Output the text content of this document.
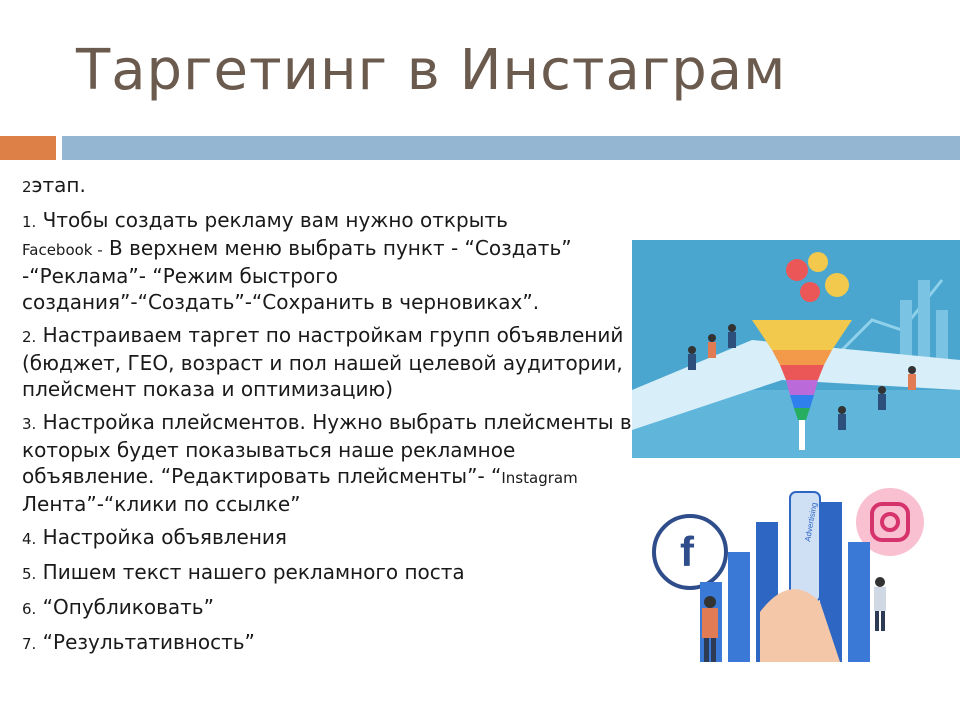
Таргетинг в Инстаграм

2этап.

1. Чтобы создать рекламу вам нужно открыть
Facebook - В верхнем меню выбрать пункт - “Создать” -“Реклама”- “Режим быстрого создания”-“Создать”-“Сохранить в черновиках”.

2. Настраиваем таргет по настройкам групп объявлений (бюджет, ГЕО, возраст и пол нашей целевой аудитории, плейсмент показа и оптимизацию)

3. Настройка плейсментов. Нужно выбрать плейсменты в которых будет показываться наше рекламное объявление. “Редактировать плейсменты”- “Instagram Лента”-“клики по ссылке”

4. Настройка объявления

5. Пишем текст нашего рекламного поста

6. “Опубликовать”

7. “Результативность”

f
Advertising
